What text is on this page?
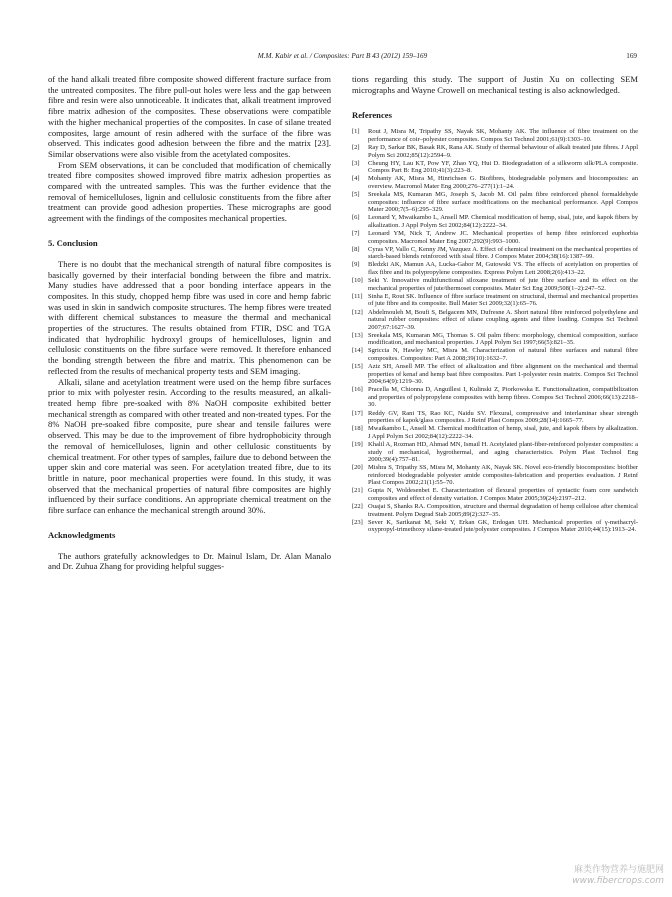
M.M. Kabir et al. / Composites: Part B 43 (2012) 159–169	169

of the hand alkali treated fibre composite showed different fracture surface from the untreated composites. The fibre pull-out holes were less and the gap between fibre and resin were also unnoticeable. It indicates that, alkali treatment improved fibre matrix adhesion of the composites. These observations were compatible with the higher mechanical properties of the composites. In case of silane treated composites, large amount of resin adhered with the surface of the fibre was observed. This indicates good adhesion between the fibre and the matrix [23]. Similar observations were also visible from the acetylated composites.

From SEM observations, it can be concluded that modification of chemically treated fibre composites showed improved fibre matrix adhesion properties as compared with the untreated samples. This was the further evidence that the removal of hemicelluloses, lignin and cellulosic constituents from the fibre after treatment can provide good adhesion properties. These micrographs are good agreement with the findings of the composites mechanical properties.

5. Conclusion

There is no doubt that the mechanical strength of natural fibre composites is basically governed by their interfacial bonding between the fibre and matrix. Many studies have addressed that a poor bonding interface appears in the composites. In this study, chopped hemp fibre was used in core and hemp fabric was used in skin in sandwich composite structures. The hemp fibres were treated with different chemical substances to measure the thermal and mechanical properties of the structures. The results obtained from FTIR, DSC and TGA indicated that hydrophilic hydroxyl groups of hemicelluloses, lignin and cellulosic constituents on the fibre surface were removed. It therefore enhanced the bonding strength between the fibre and matrix. This phenomenon can be reflected from the results of mechanical property tests and SEM imaging.

Alkali, silane and acetylation treatment were used on the hemp fibre surfaces prior to mix with polyester resin. According to the results measured, an alkali-treated hemp fibre pre-soaked with 8% NaOH composite exhibited better mechanical strength as compared with other treated and non-treated types. For the 8% NaOH pre-soaked fibre composite, pure shear and tensile failures were observed. This may be due to the improvement of fibre hydrophobicity through the removal of hemicelluloses, lignin and other cellulosic constituents by chemical treatment. For other types of samples, failure due to debond between the upper skin and core material was seen. For acetylation treated fibre, due to its brittle in nature, poor mechanical properties were found. In this study, it was observed that the mechanical properties of natural fibre composites are highly influenced by their surface conditions. An appropriate chemical treatment on the fibre surface can enhance the mechanical strength around 30%.

Acknowledgments

The authors gratefully acknowledges to Dr. Mainul Islam, Dr. Alan Manalo and Dr. Zuhua Zhang for providing helpful sugges-

tions regarding this study. The support of Justin Xu on collecting SEM micrographs and Wayne Crowell on mechanical testing is also acknowledged.

References
[1] Rout J, Misra M, Tripathy SS, Nayak SK, Mohanty AK. The influence of fibre treatment on the performance of coir–polyester composites. Compos Sci Technol 2001;61(9):1303–10.
[2] Ray D, Sarkar BK, Basak RK, Rana AK. Study of thermal behaviour of alkali treated jute fibres. J Appl Polym Sci 2002;85(12):2594–9.
[3] Cheung HY, Lau KT, Pow YF, Zhao YQ, Hui D. Biodegradation of a silkworm silk/PLA composite. Compos Part B: Eng 2010;41(3):223–8.
[4] Mohanty AK, Misra M, Hinrichsen G. Biofibres, biodegradable polymers and biocomposites: an overview. Macromol Mater Eng 2000;276–277(1):1–24.
[5] Sreekala MS, Kumaran MG, Joseph S, Jacob M. Oil palm fibre reinforced phenol formaldehyde composites: influence of fibre surface modifications on the mechanical performance. Appl Compos Mater 2000;7(5–6):295–329.
[6] Leonard Y, Mwaikambo L, Ansell MP. Chemical modification of hemp, sisal, jute, and kapok fibers by alkalization. J Appl Polym Sci 2002;84(12):2222–34.
[7] Leonard YM, Nick T, Andrew JC. Mechanical properties of hemp fibre reinforced euphorbia composites. Macromol Mater Eng 2007;292(9):993–1000.
[8] Cyras VP, Vallo C, Kenny JM, Vazquez A. Effect of chemical treatment on the mechanical properties of starch-based blends reinforced with sisal fibre. J Compos Mater 2004;38(16):1387–99.
[9] Bledzki AK, Mamun AA, Lucka-Gabor M, Gutowski VS. The effects of acetylation on properties of flax fibre and its polypropylene composites. Express Polym Lett 2008;2(6):413–22.
[10] Seki Y. Innovative multifunctional siloxane treatment of jute fibre surface and its effect on the mechanical properties of jute/thermoset composites. Mater Sci Eng 2009;508(1–2):247–52.
[11] Sinha E, Rout SK. Influence of fibre surface treatment on structural, thermal and mechanical properties of jute fibre and its composite. Bull Mater Sci 2009;32(1):65–76.
[12] Abdelmouleh M, Boufi S, Belgacem MN, Dufresne A. Short natural fibre reinforced polyethylene and natural rubber composites: effect of silane coupling agents and fibre loading. Compos Sci Technol 2007;67:1627–39.
[13] Sreekala MS, Kumaran MG, Thomas S. Oil palm fibers: morphology, chemical composition, surface modification, and mechanical properties. J Appl Polym Sci 1997;66(5):821–35.
[14] Sgriccia N, Hawley MC, Misra M. Characterization of natural fibre surfaces and natural fibre composites. Composites: Part A 2008;39(10):1632–7.
[15] Aziz SH, Ansell MP. The effect of alkalization and fibre alignment on the mechanical and thermal properties of kenaf and hemp bast fibre composites. Part 1-polyester resin matrix. Compos Sci Technol 2004;64(9):1219–30.
[16] Pracella M, Chionna D, Anguillesi I, Kulinski Z, Piorkowska E. Functionalization, compatibilization and properties of polypropylene composites with hemp fibres. Compos Sci Technol 2006;66(13):2218–30.
[17] Reddy GV, Rani TS, Rao KC, Naidu SV. Flexural, compressive and interlaminar shear strength properties of kapok/glass composites. J Reinf Plast Compos 2009;28(14):1665–77.
[18] Mwaikambo L, Ansell M. Chemical modification of hemp, sisal, jute, and kapok fibers by alkalization. J Appl Polym Sci 2002;84(12):2222–34.
[19] Khalil A, Rozman HD, Ahmad MN, Ismail H. Acetylated plant-fiber-reinforced polyester composites: a study of mechanical, hygrothermal, and aging characteristics. Polym Plast Technol Eng 2000;39(4):757–81.
[20] Mishra S, Tripathy SS, Misra M, Mohanty AK, Nayak SK. Novel eco-friendly biocomposites: biofiber reinforced biodegradable polyester amide composites-fabrication and properties evaluation. J Reinf Plast Compos 2002;21(1):55–70.
[21] Gupta N, Woldesenbet E. Characterization of flexural properties of syntactic foam core sandwich composites and effect of density variation. J Compos Mater 2005;39(24):2197–212.
[22] Ouajai S, Shanks RA. Composition, structure and thermal degradation of hemp cellulose after chemical treatment. Polym Degrad Stab 2005;89(2):327–35.
[23] Sever K, Sarikanat M, Seki Y, Erkan GK, Erdogan UH. Mechanical properties of γ-methacryl-oxypropyl-trimethoxy silane-treated jute/polyester composites. J Compos Mater 2010;44(15):1913–24.
麻类作物营养与施肥网
www.fibercrops.com
